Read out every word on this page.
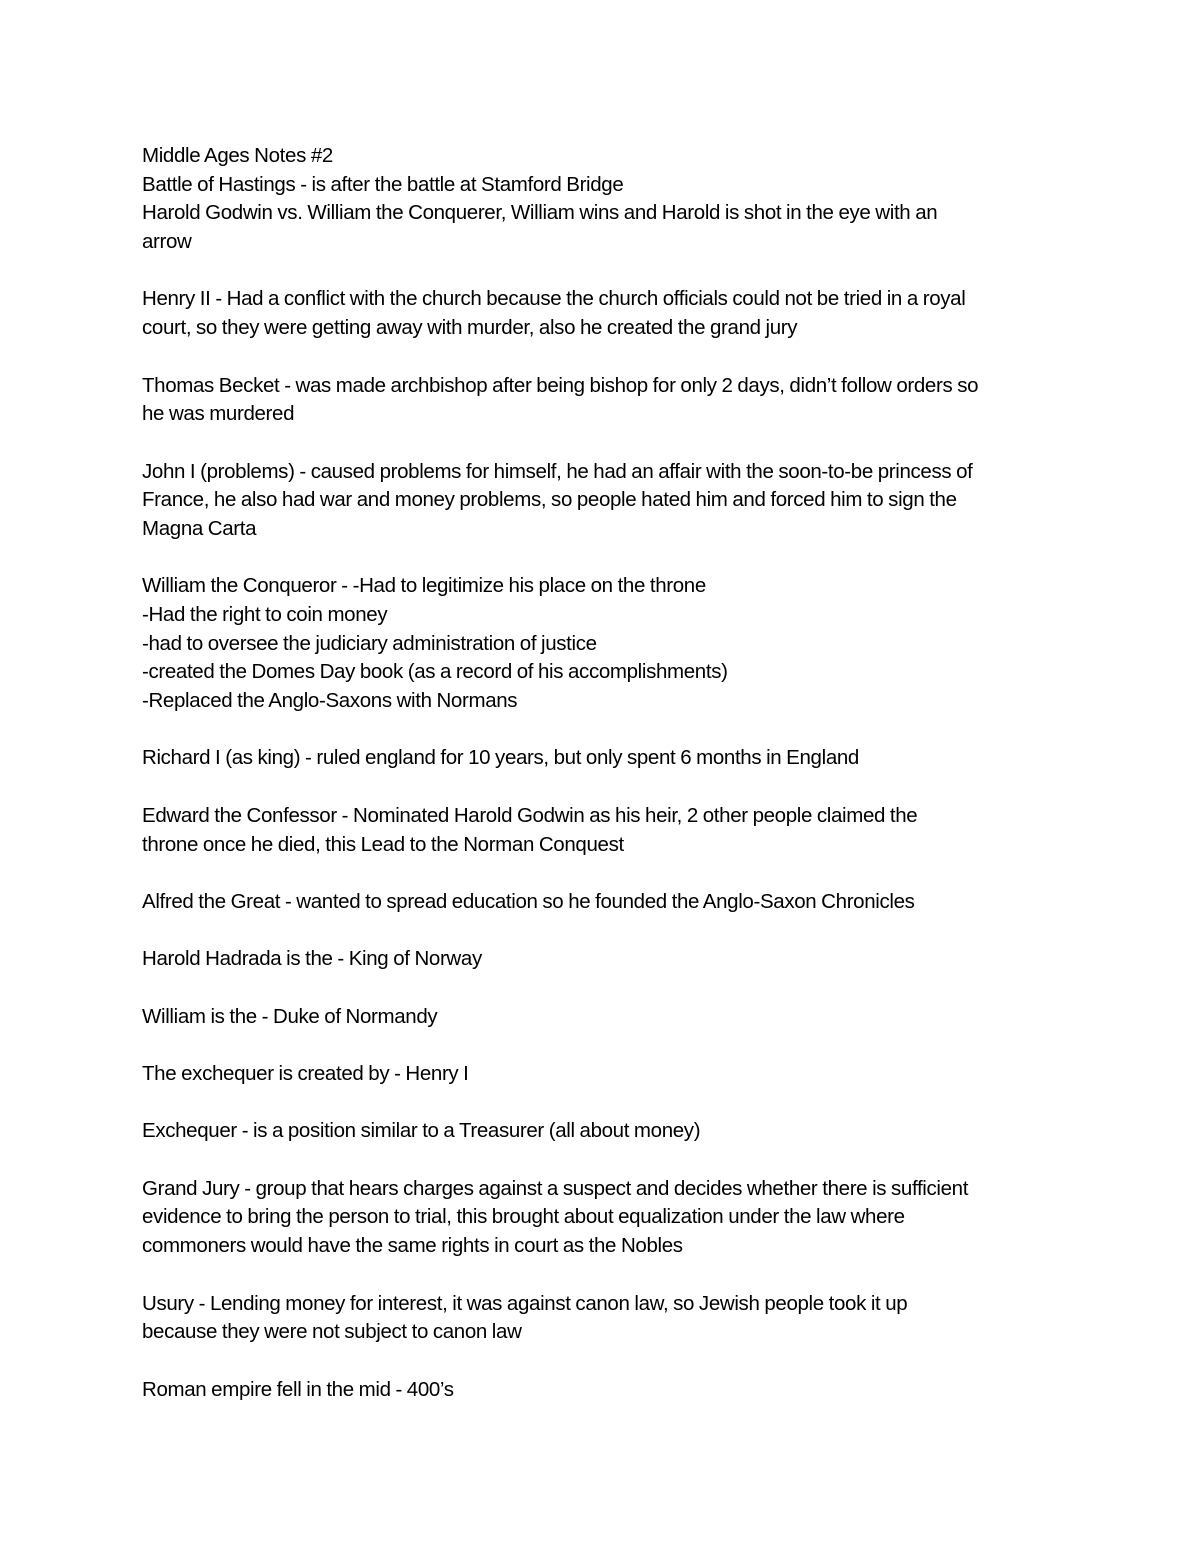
Middle Ages Notes #2
Battle of Hastings - is after the battle at Stamford Bridge
Harold Godwin vs. William the Conquerer, William wins and Harold is shot in the eye with an
arrow
Henry II - Had a conflict with the church because the church officials could not be tried in a royal
court, so they were getting away with murder, also he created the grand jury
Thomas Becket - was made archbishop after being bishop for only 2 days, didn’t follow orders so
he was murdered
John I (problems) - caused problems for himself, he had an affair with the soon-to-be princess of
France, he also had war and money problems, so people hated him and forced him to sign the
Magna Carta
William the Conqueror - -Had to legitimize his place on the throne
-Had the right to coin money
-had to oversee the judiciary administration of justice
-created the Domes Day book (as a record of his accomplishments)
-Replaced the Anglo-Saxons with Normans
Richard I (as king) - ruled england for 10 years, but only spent 6 months in England
Edward the Confessor - Nominated Harold Godwin as his heir, 2 other people claimed the
throne once he died, this Lead to the Norman Conquest
Alfred the Great - wanted to spread education so he founded the Anglo-Saxon Chronicles
Harold Hadrada is the - King of Norway
William is the - Duke of Normandy
The exchequer is created by - Henry I
Exchequer - is a position similar to a Treasurer (all about money)
Grand Jury - group that hears charges against a suspect and decides whether there is sufficient
evidence to bring the person to trial, this brought about equalization under the law where
commoners would have the same rights in court as the Nobles
Usury - Lending money for interest, it was against canon law, so Jewish people took it up
because they were not subject to canon law
Roman empire fell in the mid - 400’s
